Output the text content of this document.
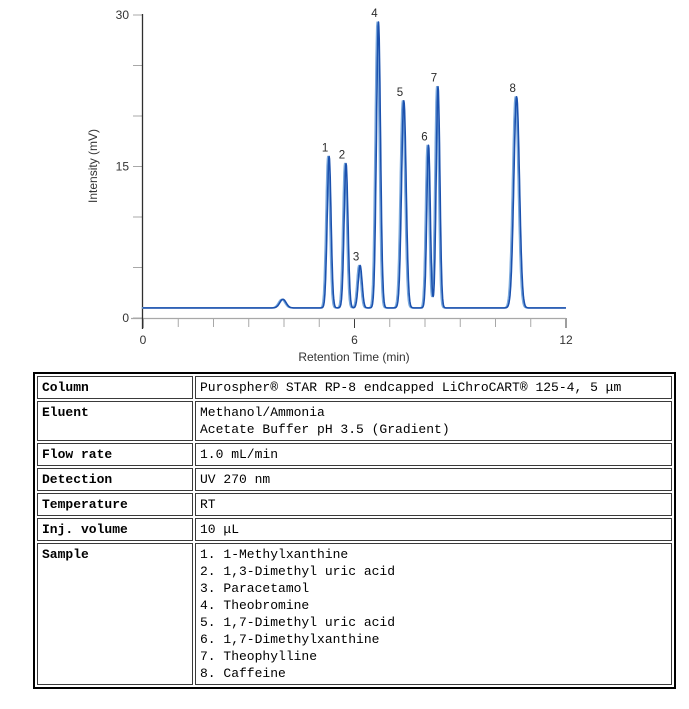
0	6	12
0
15
30
1
2
3
4
5
6
7
8
Intensity (mV)
Retention Time (min)
Column	Purospher® STAR RP-8 endcapped LiChroCART® 125-4, 5 μm

Eluent	Methanol/Ammonia
Acetate Buffer pH 3.5 (Gradient)

Flow rate	1.0 mL/min

Detection	UV 270 nm

Temperature	RT

Inj. volume	10 μL

Sample	1. 1-Methylxanthine
2. 1,3-Dimethyl uric acid
3. Paracetamol
4. Theobromine
5. 1,7-Dimethyl uric acid
6. 1,7-Dimethylxanthine
7. Theophylline
8. Caffeine
